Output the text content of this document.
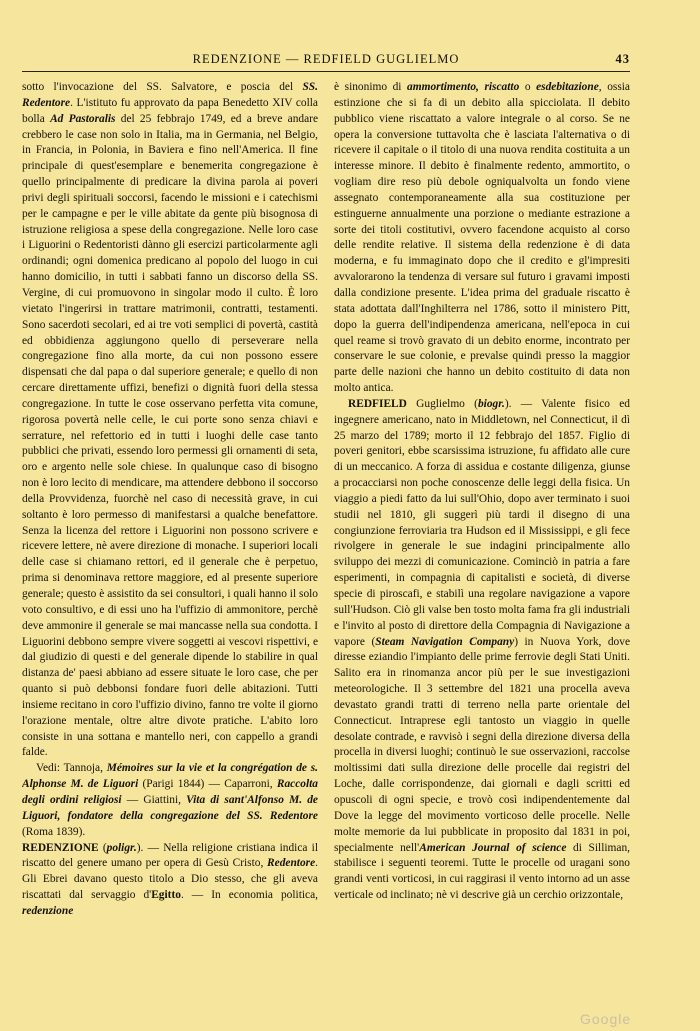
REDENZIONE — REDFIELD GUGLIELMO	43

sotto l'invocazione del SS. Salvatore, e poscia del SS. Redentore. L'istituto fu approvato da papa Benedetto XIV colla bolla Ad Pastoralis del 25 febbrajo 1749, ed a breve andare crebbero le case non solo in Italia, ma in Germania, nel Belgio, in Francia, in Polonia, in Baviera e fino nell'America. Il fine principale di quest'esemplare e benemerita congregazione è quello principalmente di predicare la divina parola ai poveri privi degli spirituali soccorsi, facendo le missioni e i catechismi per le campagne e per le ville abitate da gente più bisognosa di istruzione religiosa a spese della congregazione. Nelle loro case i Liguorini o Redentoristi dànno gli esercizi particolarmente agli ordinandi; ogni domenica predicano al popolo del luogo in cui hanno domicilio, in tutti i sabbati fanno un discorso della SS. Vergine, di cui promuovono in singolar modo il culto. È loro vietato l'ingerirsi in trattare matrimonii, contratti, testamenti. Sono sacerdoti secolari, ed ai tre voti semplici di povertà, castità ed obbidienza aggiungono quello di perseverare nella congregazione fino alla morte, da cui non possono essere dispensati che dal papa o dal superiore generale; e quello di non cercare direttamente uffizi, benefizi o dignità fuori della stessa congregazione. In tutte le cose osservano perfetta vita comune, rigorosa povertà nelle celle, le cui porte sono senza chiavi e serrature, nel refettorio ed in tutti i luoghi delle case tanto pubblici che privati, essendo loro permessi gli ornamenti di seta, oro e argento nelle sole chiese. In qualunque caso di bisogno non è loro lecito di mendicare, ma attendere debbono il soccorso della Provvidenza, fuorchè nel caso di necessità grave, in cui soltanto è loro permesso di manifestarsi a qualche benefattore. Senza la licenza del rettore i Liguorini non possono scrivere e ricevere lettere, nè avere direzione di monache. I superiori locali delle case si chiamano rettori, ed il generale che è perpetuo, prima si denominava rettore maggiore, ed al presente superiore generale; questo è assistito da sei consultori, i quali hanno il solo voto consultivo, e di essi uno ha l'uffizio di ammonitore, perchè deve ammonire il generale se mai mancasse nella sua condotta. I Liguorini debbono sempre vivere soggetti ai vescovi rispettivi, e dal giudizio di questi e del generale dipende lo stabilire in qual distanza de' paesi abbiano ad essere situate le loro case, che per quanto si può debbonsi fondare fuori delle abitazioni. Tutti insieme recitano in coro l'uffizio divino, fanno tre volte il giorno l'orazione mentale, oltre altre divote pratiche. L'abito loro consiste in una sottana e mantello neri, con cappello a grandi falde.

Vedi: Tannoja, Mémoires sur la vie et la congrégation de s. Alphonse M. de Liguori (Parigi 1844) — Caparroni, Raccolta degli ordini religiosi — Giattini, Vita di sant'Alfonso M. de Liguori, fondatore della congregazione del SS. Redentore (Roma 1839).

REDENZIONE (poligr.). — Nella religione cristiana indica il riscatto del genere umano per opera di Gesù Cristo, Redentore. Gli Ebrei davano questo titolo a Dio stesso, che gli aveva riscattati dal servaggio d'Egitto. — In economia politica, redenzione

è sinonimo di ammortimento, riscatto o esdebitazione, ossia estinzione che si fa di un debito alla spicciolata. Il debito pubblico viene riscattato a valore integrale o al corso. Se ne opera la conversione tuttavolta che è lasciata l'alternativa o di ricevere il capitale o il titolo di una nuova rendita costituita a un interesse minore. Il debito è finalmente redento, ammortito, o vogliam dire reso più debole ogniqualvolta un fondo viene assegnato contemporaneamente alla sua costituzione per estinguerne annualmente una porzione o mediante estrazione a sorte dei titoli costitutivi, ovvero facendone acquisto al corso delle rendite relative. Il sistema della redenzione è di data moderna, e fu immaginato dopo che il credito e gl'impresiti avvalorarono la tendenza di versare sul futuro i gravami imposti dalla condizione presente. L'idea prima del graduale riscatto è stata adottata dall'Inghilterra nel 1786, sotto il ministero Pitt, dopo la guerra dell'indipendenza americana, nell'epoca in cui quel reame si trovò gravato di un debito enorme, incontrato per conservare le sue colonie, e prevalse quindi presso la maggior parte delle nazioni che hanno un debito costituito di data non molto antica.

REDFIELD Guglielmo (biogr.). — Valente fisico ed ingegnere americano, nato in Middletown, nel Connecticut, il dì 25 marzo del 1789; morto il 12 febbrajo del 1857. Figlio di poveri genitori, ebbe scarsissima istruzione, fu affidato alle cure di un meccanico. A forza di assidua e costante diligenza, giunse a procacciarsi non poche conoscenze delle leggi della fisica. Un viaggio a piedi fatto da lui sull'Ohio, dopo aver terminato i suoi studii nel 1810, gli suggerì più tardi il disegno di una congiunzione ferroviaria tra Hudson ed il Mississippi, e gli fece rivolgere in generale le sue indagini principalmente allo sviluppo dei mezzi di comunicazione. Cominciò in patria a fare esperimenti, in compagnia di capitalisti e società, di diverse specie di piroscafi, e stabilì una regolare navigazione a vapore sull'Hudson. Ciò gli valse ben tosto molta fama fra gli industriali e l'invito al posto di direttore della Compagnia di Navigazione a vapore (Steam Navigation Company) in Nuova York, dove diresse eziandio l'impianto delle prime ferrovie degli Stati Uniti. Salito era in rinomanza ancor più per le sue investigazioni meteorologiche. Il 3 settembre del 1821 una procella aveva devastato grandi tratti di terreno nella parte orientale del Connecticut. Intraprese egli tantosto un viaggio in quelle desolate contrade, e ravvisò i segni della direzione diversa della procella in diversi luoghi; continuò le sue osservazioni, raccolse moltissimi dati sulla direzione delle procelle dai registri del Loche, dalle corrispondenze, dai giornali e dagli scritti ed opuscoli di ogni specie, e trovò così indipendentemente dal Dove la legge del movimento vorticoso delle procelle. Nelle molte memorie da lui pubblicate in proposito dal 1831 in poi, specialmente nell'American Journal of science di Silliman, stabilisce i seguenti teoremi. Tutte le procelle od uragani sono grandi venti vorticosi, in cui raggirasi il vento intorno ad un asse verticale od inclinato; nè vi descrive già un cerchio orizzontale,

Google
